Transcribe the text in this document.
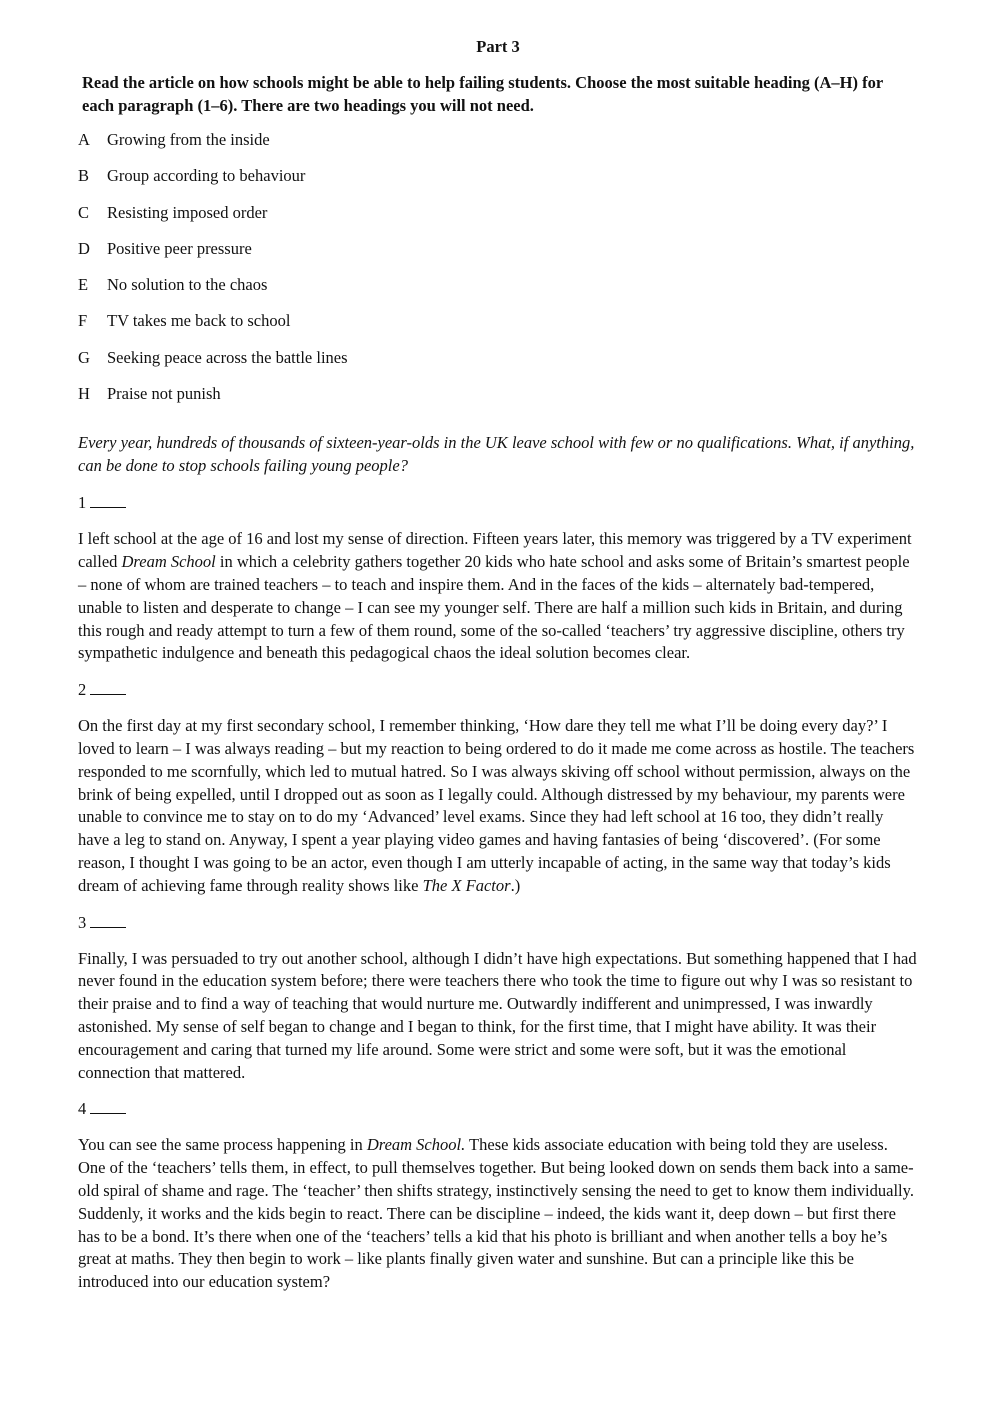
Part 3
Read the article on how schools might be able to help failing students. Choose the most suitable heading (A–H) for each paragraph (1–6). There are two headings you will not need.
A	Growing from the inside
B	Group according to behaviour
C	Resisting imposed order
D	Positive peer pressure
E	No solution to the chaos
F	TV takes me back to school
G	Seeking peace across the battle lines
H	Praise not punish
Every year, hundreds of thousands of sixteen-year-olds in the UK leave school with few or no qualifications. What, if anything, can be done to stop schools failing young people?
1
I left school at the age of 16 and lost my sense of direction. Fifteen years later, this memory was triggered by a TV experiment called Dream School in which a celebrity gathers together 20 kids who hate school and asks some of Britain’s smartest people – none of whom are trained teachers – to teach and inspire them. And in the faces of the kids – alternately bad-tempered, unable to listen and desperate to change – I can see my younger self. There are half a million such kids in Britain, and during this rough and ready attempt to turn a few of them round, some of the so-called ‘teachers’ try aggressive discipline, others try sympathetic indulgence and beneath this pedagogical chaos the ideal solution becomes clear.
2
On the first day at my first secondary school, I remember thinking, ‘How dare they tell me what I’ll be doing every day?’ I loved to learn – I was always reading – but my reaction to being ordered to do it made me come across as hostile. The teachers responded to me scornfully, which led to mutual hatred. So I was always skiving off school without permission, always on the brink of being expelled, until I dropped out as soon as I legally could. Although distressed by my behaviour, my parents were unable to convince me to stay on to do my ‘Advanced’ level exams. Since they had left school at 16 too, they didn’t really have a leg to stand on. Anyway, I spent a year playing video games and having fantasies of being ‘discovered’. (For some reason, I thought I was going to be an actor, even though I am utterly incapable of acting, in the same way that today’s kids dream of achieving fame through reality shows like The X Factor.)
3
Finally, I was persuaded to try out another school, although I didn’t have high expectations. But something happened that I had never found in the education system before; there were teachers there who took the time to figure out why I was so resistant to their praise and to find a way of teaching that would nurture me. Outwardly indifferent and unimpressed, I was inwardly astonished. My sense of self began to change and I began to think, for the first time, that I might have ability. It was their encouragement and caring that turned my life around. Some were strict and some were soft, but it was the emotional connection that mattered.
4
You can see the same process happening in Dream School. These kids associate education with being told they are useless. One of the ‘teachers’ tells them, in effect, to pull themselves together. But being looked down on sends them back into a same-old spiral of shame and rage. The ‘teacher’ then shifts strategy, instinctively sensing the need to get to know them individually. Suddenly, it works and the kids begin to react. There can be discipline – indeed, the kids want it, deep down – but first there has to be a bond. It’s there when one of the ‘teachers’ tells a kid that his photo is brilliant and when another tells a boy he’s great at maths. They then begin to work – like plants finally given water and sunshine. But can a principle like this be introduced into our education system?
